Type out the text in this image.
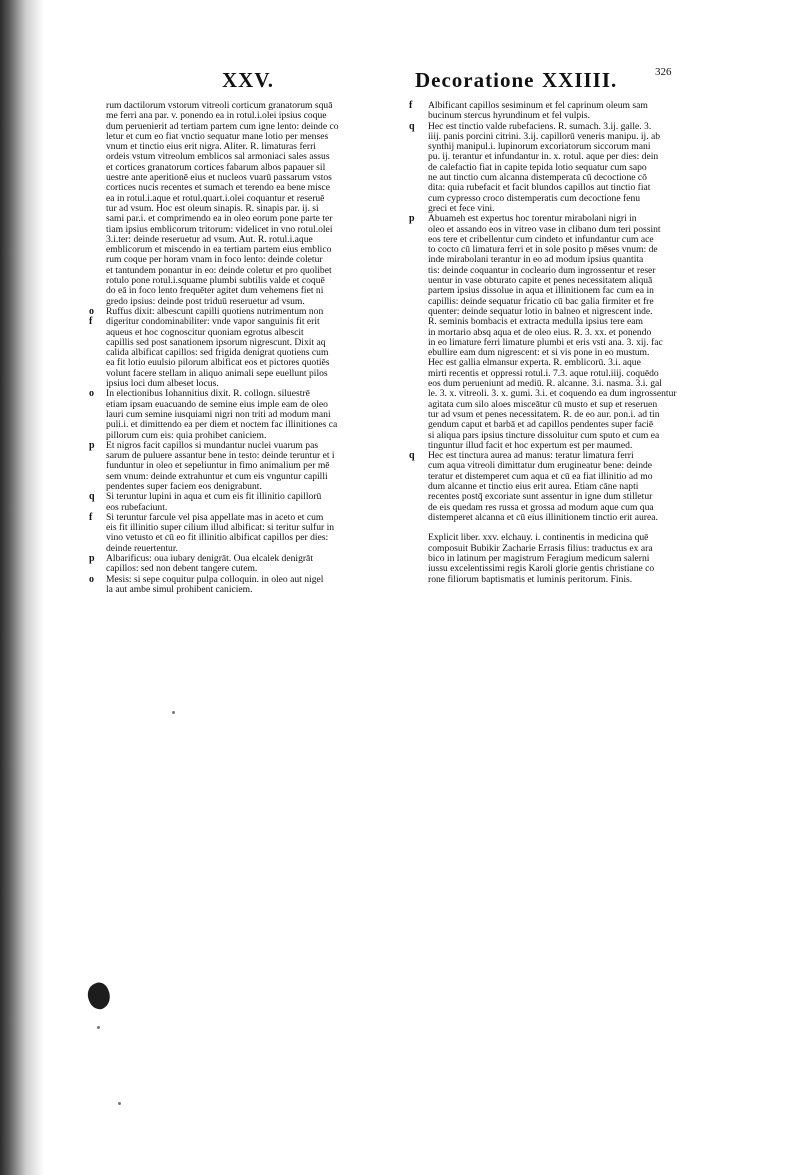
XXV.	Decoratione XXIIII.	326
rum dactilorum vstorum vitreoli corticum granatorum squā
me ferri ana par. v. ponendo ea in rotul.i.olei ipsius coque
dum peruenierit ad tertiam partem cum igne lento: deinde co
letur et cum eo fiat vnctio sequatur mane lotio per menses
vnum et tinctio eius erit nigra. Aliter. R. limaturas ferri
ordeis vstum vitreolum emblicos sal armoniaci sales assus
et cortices granatorum cortices fabarum albos papauer sil
uestre ante aperitionē eius et nucleos vuarū passarum vstos
cortices nucis recentes et sumach et terendo ea bene misce
ea in rotul.i.aque et rotul.quart.i.olei coquantur et reseruē
tur ad vsum. Hoc est oleum sinapis. R. sinapis par. ij. si
sami par.i. et comprimendo ea in oleo eorum pone parte ter
tiam ipsius emblicorum tritorum: videlicet in vno rotul.olei
3.i.ter: deinde reseruetur ad vsum. Aut. R. rotul.i.aque
emblicorum et miscendo in ea tertiam partem eius emblico
rum coque per horam vnam in foco lento: deinde coletur
et tantundem ponantur in eo: deinde coletur et pro quolibet
rotulo pone rotul.i.squame plumbi subtilis valde et coquē
do eā in foco lento frequēter agitet dum vehemens fiet ni
gredo ipsius: deinde post triduū reseruetur ad vsum.
Ruffus dixit: albescunt capilli quotiens nutrimentum non
o
digeritur condominabiliter: vnde vapor sanguinis fit erit
f
aqueus et hoc cognoscitur quoniam egrotus albescit
capillis sed post sanationem ipsorum nigrescunt. Dixit aq
calida albificat capillos: sed frigida denigrat quotiens cum
ea fit lotio euulsio pilorum albificat eos et pictores quotiēs
volunt facere stellam in aliquo animali sepe euellunt pilos
ipsius loci dum albeset locus.
In electionibus Iohannitius dixit. R. collogn. siluestrē
o
etiam ipsam euacuando de semine eius imple eam de oleo
lauri cum semine iusquiami nigri non triti ad modum mani
puli.i. et dimittendo ea per diem et noctem fac illinitiones ca
pillorum cum eis: quia prohibet caniciem.
Et nigros facit capillos si mundantur nuclei vuarum pas
p
sarum de puluere assantur bene in testo: deinde teruntur et i
funduntur in oleo et sepeliuntur in fimo animalium per mē
sem vnum: deinde extrahuntur et cum eis vnguntur capilli
pendentes super faciem eos denigrabunt.
Si teruntur lupini in aqua et cum eis fit illinitio capillorū
q
eos rubefaciunt.
Si teruntur farcule vel pisa appellate mas in aceto et cum
f
eis fit illinitio super cilium illud albificat: si teritur sulfur in
vino vetusto et cū eo fit illinitio albificat capillos per dies:
deinde reuertentur.
Albarificus: oua iubary denigrāt. Oua elcalek denigrāt
p
capillos: sed non debent tangere cutem.
Mesis: si sepe coquitur pulpa colloquin. in oleo aut nigel
o
la aut ambe simul prohibent caniciem.
Albificant capillos sesiminum et fel caprinum oleum sam
f
bucinum stercus hyrundinum et fel vulpis.
Hec est tinctio valde rubefaciens. R. sumach. 3.ij. galle. 3.
q
iiij. panis porcini citrini. 3.ij. capillorū veneris manipu. ij. ab
synthij manipul.i. lupinorum excoriatorum siccorum mani
pu. ij. terantur et infundantur in. x. rotul. aque per dies: dein
de calefactio fiat in capite tepida lotio sequatur cum sapo
ne aut tinctio cum alcanna distemperata cū decoctione cō
dita: quia rubefacit et facit blundos capillos aut tinctio fiat
cum cypresso croco distemperatis cum decoctione fenu
greci et fece vini.
Abuameh est expertus hoc torentur mirabolani nigri in
p
oleo et assando eos in vitreo vase in clibano dum teri possint
eos tere et cribellentur cum cindeto et infundantur cum ace
to cocto cū limatura ferri et in sole posito p mēses vnum: de
inde mirabolani terantur in eo ad modum ipsius quantita
tis: deinde coquantur in cocleario dum ingrossentur et reser
uentur in vase obturato capite et penes necessitatem aliquā
partem ipsius dissolue in aqua et illinitionem fac cum ea in
capillis: deinde sequatur fricatio cū bac galia firmiter et fre
quenter: deinde sequatur lotio in balneo et nigrescent inde.
R. seminis bombacis et extracta medulla ipsius tere eam
in mortario absq aqua et de oleo eius. R. 3. xx. et ponendo
in eo limature ferri limature plumbi et eris vsti ana. 3. xij. fac
ebullire eam dum nigrescent: et si vis pone in eo mustum.
Hec est gallia elmansur experta. R. emblicorū. 3.i. aque
mirti recentis et oppressi rotul.i. 7.3. aque rotul.iiij. coquēdo
eos dum perueniunt ad mediū. R. alcanne. 3.i. nasma. 3.i. gal
le. 3. x. vitreoli. 3. x. gumi. 3.i. et coquendo ea dum ingrossentur
agitata cum silo aloes misceātur cū musto et sup et reseruen
tur ad vsum et penes necessitatem. R. de eo aur. pon.i. ad tin
gendum caput et barbā et ad capillos pendentes super faciē
si aliqua pars ipsius tincture dissoluitur cum sputo et cum ea
tinguntur illud facit et hoc expertum est per maumed.
Hec est tinctura aurea ad manus: teratur limatura ferri
q
cum aqua vitreoli dimittatur dum erugineatur bene: deinde
teratur et distemperet cum aqua et cū ea fiat illinitio ad mo
dum alcanne et tinctio eius erit aurea. Etiam cāne napti
recentes postq̄ excoriate sunt assentur in igne dum stilletur
de eis quedam res russa et grossa ad modum aque cum qua
distemperet alcanna et cū eius illinitionem tinctio erit aurea.
Explicit liber. xxv. elchauy. i. continentis in medicina quē
composuit Bubikir Zacharie Errasis filius: traductus ex ara
bico in latinum per magistrum Feragium medicum salerni
iussu excelentissimi regis Karoli glorie gentis christiane co
rone filiorum baptismatis et luminis peritorum. Finis.
